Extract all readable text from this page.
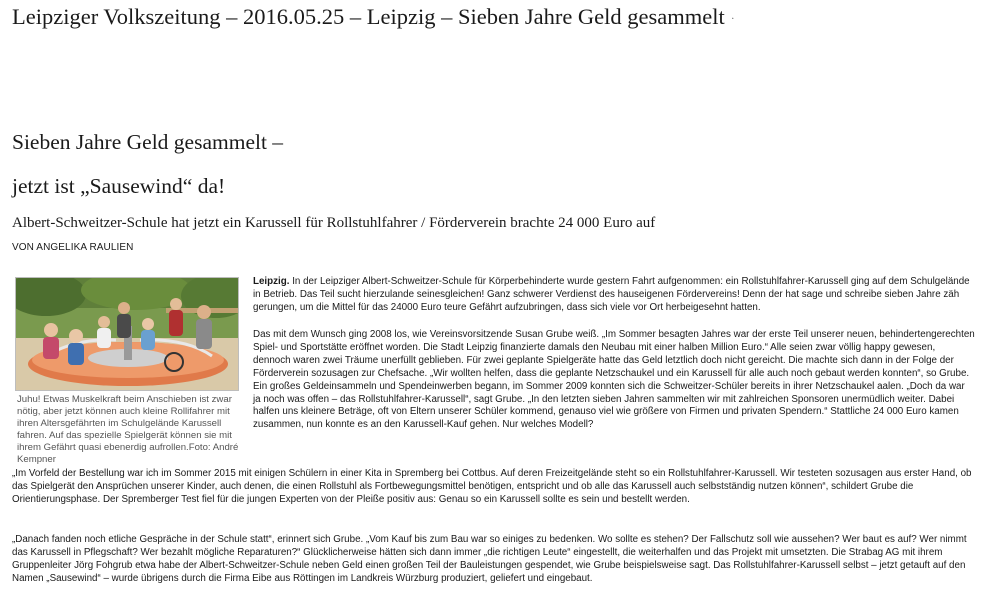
Leipziger Volkszeitung – 2016.05.25 – Leipzig – Sieben Jahre Geld gesammelt ·
Sieben Jahre Geld gesammelt –
jetzt ist „Sausewind“ da!
Albert-Schweitzer-Schule hat jetzt ein Karussell für Rollstuhlfahrer / Förderverein brachte 24 000 Euro auf
VON ANGELIKA RAULIEN
Juhu! Etwas Muskelkraft beim Anschieben ist zwar nötig, aber jetzt können auch kleine Rollifahrer mit ihren Altersgefährten im Schulgelände Karussell fahren. Auf das spezielle Spielgerät können sie mit ihrem Gefährt quasi ebenerdig aufrollen.Foto: André Kempner

Leipzig. In der Leipziger Albert-Schweitzer-Schule für Körperbehinderte wurde gestern Fahrt aufgenommen: ein Rollstuhlfahrer-Karussell ging auf dem Schulgelände in Betrieb. Das Teil sucht hierzulande seinesgleichen! Ganz schwerer Verdienst des hauseigenen Fördervereins! Denn der hat sage und schreibe sieben Jahre zäh gerungen, um die Mittel für das 24000 Euro teure Gefährt aufzubringen, dass sich viele vor Ort herbeigesehnt hatten.

Das mit dem Wunsch ging 2008 los, wie Vereinsvorsitzende Susan Grube weiß. „Im Sommer besagten Jahres war der erste Teil unserer neuen, behindertengerechten Spiel- und Sportstätte eröffnet worden. Die Stadt Leipzig finanzierte damals den Neubau mit einer halben Million Euro.“ Alle seien zwar völlig happy gewesen, dennoch waren zwei Träume unerfüllt geblieben. Für zwei geplante Spielgeräte hatte das Geld letztlich doch nicht gereicht. Die machte sich dann in der Folge der Förderverein sozusagen zur Chefsache. „Wir wollten helfen, dass die geplante Netzschaukel und ein Karussell für alle auch noch gebaut werden konnten“, so Grube. Ein großes Geldeinsammeln und Spendeinwerben begann, im Sommer 2009 konnten sich die Schweitzer-Schüler bereits in ihrer Netzschaukel aalen. „Doch da war ja noch was offen – das Rollstuhlfahrer-Karussell“, sagt Grube. „In den letzten sieben Jahren sammelten wir mit zahlreichen Sponsoren unermüdlich weiter. Dabei halfen uns kleinere Beträge, oft von Eltern unserer Schüler kommend, genauso viel wie größere von Firmen und privaten Spendern.“ Stattliche 24 000 Euro kamen zusammen, nun konnte es an den Karussell-Kauf gehen. Nur welches Modell?

„Im Vorfeld der Bestellung war ich im Sommer 2015 mit einigen Schülern in einer Kita in Spremberg bei Cottbus. Auf deren Freizeitgelände steht so ein Rollstuhlfahrer-Karussell. Wir testeten sozusagen aus erster Hand, ob das Spielgerät den Ansprüchen unserer Kinder, auch denen, die einen Rollstuhl als Fortbewegungsmittel benötigen, entspricht und ob alle das Karussell auch selbstständig nutzen können“, schildert Grube die Orientierungsphase. Der Spremberger Test fiel für die jungen Experten von der Pleiße positiv aus: Genau so ein Karussell sollte es sein und bestellt werden.

„Danach fanden noch etliche Gespräche in der Schule statt“, erinnert sich Grube. „Vom Kauf bis zum Bau war so einiges zu bedenken. Wo sollte es stehen? Der Fallschutz soll wie aussehen? Wer baut es auf? Wer nimmt das Karussell in Pflegschaft? Wer bezahlt mögliche Reparaturen?“ Glücklicherweise hätten sich dann immer „die richtigen Leute“ eingestellt, die weiterhalfen und das Projekt mit umsetzten. Die Strabag AG mit ihrem Gruppenleiter Jörg Fohgrub etwa habe der Albert-Schweitzer-Schule neben Geld einen großen Teil der Bauleistungen gespendet, wie Grube beispielsweise sagt. Das Rollstuhlfahrer-Karussell selbst – jetzt getauft auf den Namen „Sausewind“ – wurde übrigens durch die Firma Eibe aus Röttingen im Landkreis Würzburg produziert, geliefert und eingebaut.
